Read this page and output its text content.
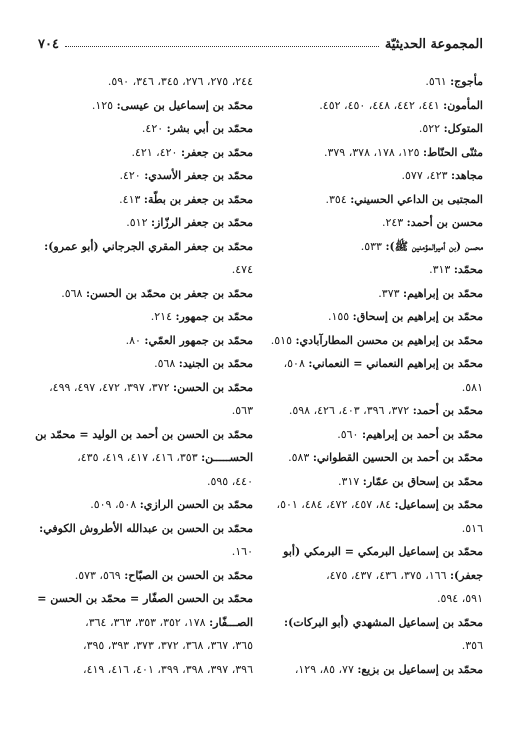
٧٠٤	المجموعة الحديثيّة
مأجوج: ٥٦١.
المأمون: ٤٤١، ٤٤٢، ٤٤٨، ٤٥٠، ٤٥٢.
المتوكل: ٥٢٢.
مثنّى الحنّاط: ١٢٥، ١٧٨، ٣٧٨، ٣٧٩.
مجاهد: ٤٢٣، ٥٧٧.
المجتبى بن الداعي الحسيني: ٣٥٤.
محسن بن أحمد: ٢٤٣.
محسن (بن أميرالمؤمنين ﷺ): ٥٣٣.
محمّد: ٣١٣.
محمّد بن إبراهيم: ٣٧٣.
محمّد بن إبراهيم بن إسحاق: ١٥٥.
محمّد بن إبراهيم بن محسن المطارآبادي: ٥١٥.
محمّد بن إبراهيم النعماني = النعماني: ٥٠٨،
٥٨١.
محمّد بن أحمد: ٣٧٢، ٣٩٦، ٤٠٣، ٤٢٦، ٥٩٨.
محمّد بن أحمد بن إبراهيم: ٥٦٠.
محمّد بن أحمد بن الحسين القطواني: ٥٨٣.
محمّد بن إسحاق بن عمّار: ٣١٧.
محمّد بن إسماعيل: ٨٤، ٤٥٧، ٤٧٢، ٤٨٤، ٥٠١،
٥١٦.
محمّد بن إسماعيل البرمكي = البرمكي (أبو
جعفر): ١٦٦، ٣٧٥، ٤٣٦، ٤٣٧، ٤٧٥،
٥٩١، ٥٩٤.
محمّد بن إسماعيل المشهدي (أبو البركات):
٣٥٦.
محمّد بن إسماعيل بن بزيع: ٧٧، ٨٥، ١٢٩،
٢٤٤، ٢٧٥، ٢٧٦، ٣٤٥، ٣٤٦، ٥٩٠.
محمّد بن إسماعيل بن عيسى: ١٢٥.
محمّد بن أبي بشر: ٤٢٠.
محمّد بن جعفر: ٤٢٠، ٤٢١.
محمّد بن جعفر الأسدي: ٤٢٠.
محمّد بن جعفر بن بطّة: ٤١٣.
محمّد بن جعفر الرزّاز: ٥١٢.
محمّد بن جعفر المقري الجرجاني (أبو عمرو):
٤٧٤.
محمّد بن جعفر بن محمّد بن الحسن: ٥٦٨.
محمّد بن جمهور: ٢١٤.
محمّد بن جمهور العمّي: ٨٠.
محمّد بن الجنيد: ٥٦٨.
محمّد بن الحسن: ٣٧٢، ٣٩٧، ٤٧٢، ٤٩٧، ٤٩٩،
٥٦٣.
محمّد بن الحسن بن أحمد بن الوليد = محمّد بن
الحســـــن: ٣٥٣، ٤١٦، ٤١٧، ٤١٩، ٤٣٥،
٤٤٠، ٥٩٥.
محمّد بن الحسن الرازي: ٥٠٨، ٥٠٩.
محمّد بن الحسن بن عبدالله الأطروش الكوفي:
١٦٠.
محمّد بن الحسن بن الصبّاح: ٥٦٩، ٥٧٣.
محمّد بن الحسن الصفّار = محمّد بن الحسن =
الصـــفّار: ١٧٨، ٣٥٢، ٣٥٣، ٣٦٣، ٣٦٤،
٣٦٥، ٣٦٧، ٣٦٨، ٣٧٢، ٣٧٣، ٣٩٣، ٣٩٥،
٣٩٦، ٣٩٧، ٣٩٨، ٣٩٩، ٤٠١، ٤١٦، ٤١٩،
